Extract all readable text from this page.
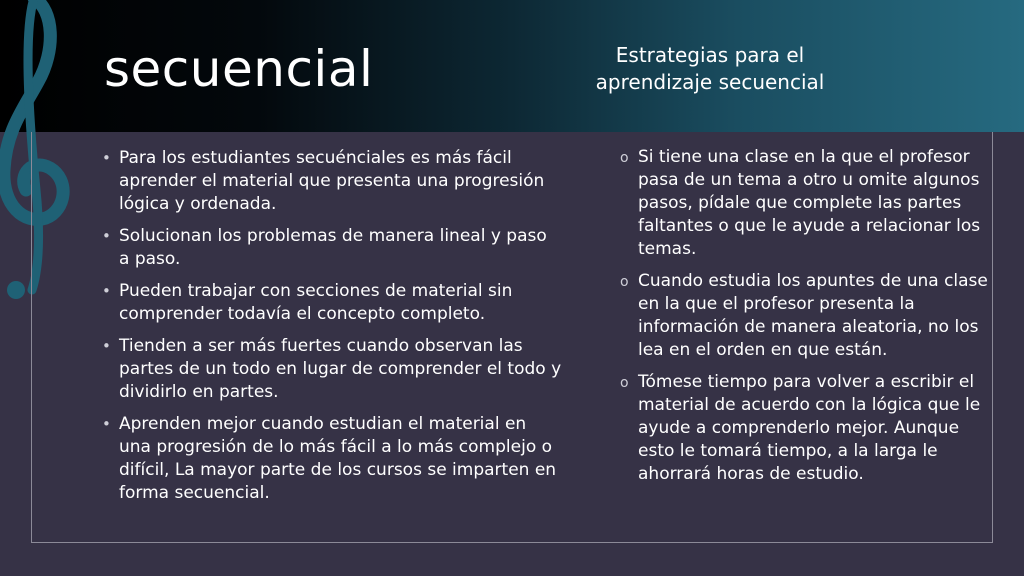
secuencial	Estrategias para el aprendizaje secuencial
• Para los estudiantes secuénciales es más fácil aprender el material que presenta una progresión lógica y ordenada.
• Solucionan los problemas de manera lineal y paso a paso.
• Pueden trabajar con secciones de material sin comprender todavía el concepto completo.
• Tienden a ser más fuertes cuando observan las partes de un todo en lugar de comprender el todo y dividirlo en partes.
• Aprenden mejor cuando estudian el material en una progresión de lo más fácil a lo más complejo o difícil, La mayor parte de los cursos se imparten en forma secuencial.
o Si tiene una clase en la que el profesor pasa de un tema a otro u omite algunos pasos, pídale que complete las partes faltantes o que le ayude a relacionar los temas.
o Cuando estudia los apuntes de una clase en la que el profesor presenta la información de manera aleatoria, no los lea en el orden en que están.
o Tómese tiempo para volver a escribir el material de acuerdo con la lógica que le ayude a comprenderlo mejor. Aunque esto le tomará tiempo, a la larga le ahorrará horas de estudio.
